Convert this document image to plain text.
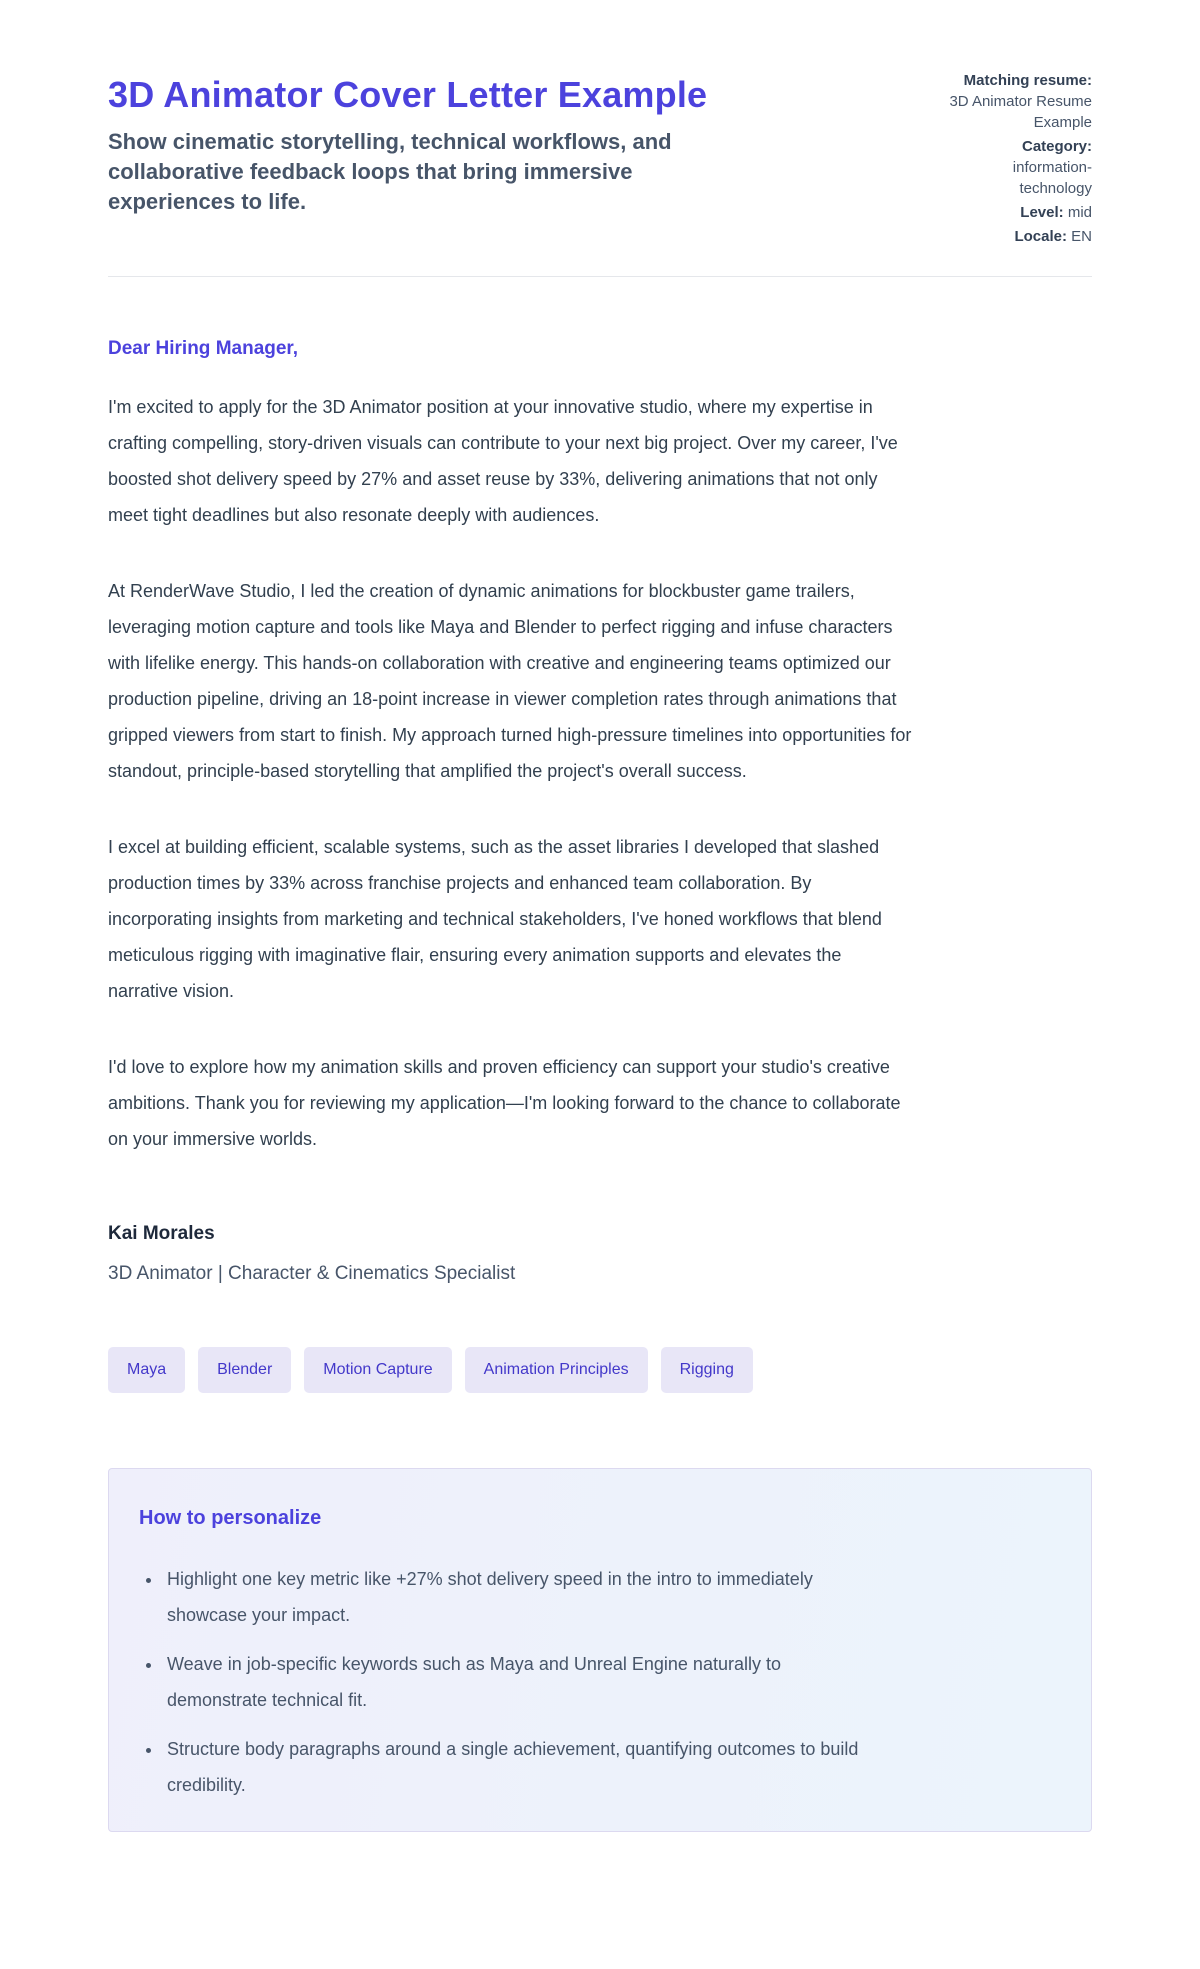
3D Animator Cover Letter Example
Show cinematic storytelling, technical workflows, and collaborative feedback loops that bring immersive experiences to life.
Matching resume:
3D Animator Resume Example
Category:
information-technology
Level: mid
Locale: EN
Dear Hiring Manager,

I'm excited to apply for the 3D Animator position at your innovative studio, where my expertise in crafting compelling, story-driven visuals can contribute to your next big project. Over my career, I've boosted shot delivery speed by 27% and asset reuse by 33%, delivering animations that not only meet tight deadlines but also resonate deeply with audiences.

At RenderWave Studio, I led the creation of dynamic animations for blockbuster game trailers, leveraging motion capture and tools like Maya and Blender to perfect rigging and infuse characters with lifelike energy. This hands-on collaboration with creative and engineering teams optimized our production pipeline, driving an 18-point increase in viewer completion rates through animations that gripped viewers from start to finish. My approach turned high-pressure timelines into opportunities for standout, principle-based storytelling that amplified the project's overall success.

I excel at building efficient, scalable systems, such as the asset libraries I developed that slashed production times by 33% across franchise projects and enhanced team collaboration. By incorporating insights from marketing and technical stakeholders, I've honed workflows that blend meticulous rigging with imaginative flair, ensuring every animation supports and elevates the narrative vision.

I'd love to explore how my animation skills and proven efficiency can support your studio's creative ambitions. Thank you for reviewing my application—I'm looking forward to the chance to collaborate on your immersive worlds.

Kai Morales
3D Animator | Character & Cinematics Specialist
Maya	Blender	Motion Capture	Animation Principles	Rigging
How to personalize
• Highlight one key metric like +27% shot delivery speed in the intro to immediately showcase your impact.
• Weave in job-specific keywords such as Maya and Unreal Engine naturally to demonstrate technical fit.
• Structure body paragraphs around a single achievement, quantifying outcomes to build credibility.
